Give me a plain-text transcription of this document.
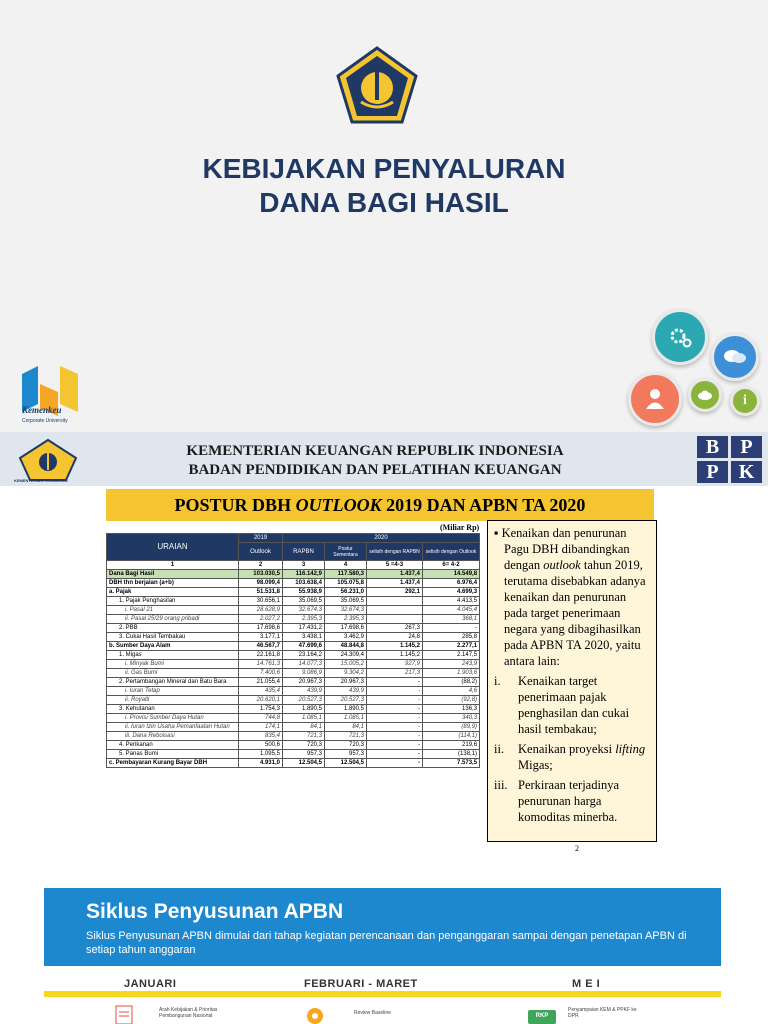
KEBIJAKAN PENYALURAN
DANA BAGI HASIL
Kemenkeu
Corporate University
i
KEMENTERIAN KEUANGAN
KEMENTERIAN KEUANGAN REPUBLIK INDONESIA
BADAN PENDIDIKAN DAN PELATIHAN KEUANGAN
B	P
P	K
POSTUR DBH OUTLOOK 2019 DAN APBN TA 2020
(Miliar Rp)
URAIAN	2019	2020			
	Outlook	RAPBN	Postur Sementara	selisih dengan RAPBN	selisih dengan Outlook
1	2	3	4	5 =4-3	6= 4-2
Dana Bagi Hasil	103.030,5	116.142,9	117.580,3	1.437,4	14.549,8
DBH thn berjalan (a+b)	98.099,4	103.638,4	105.075,8	1.437,4	6.976,4
a. Pajak	51.531,8	55.938,9	56.231,0	292,1	4.699,3
1. Pajak Penghasilan	30.656,1	35.069,5	35.069,5		4.413,5
i. Pasal 21	28.628,9	32.674,3	32.674,3		4.045,4
ii. Pasal 25/29 orang pribadi	2.027,2	2.395,3	2.395,3		368,1
2. PBB	17.698,6	17.431,2	17.698,6	267,3	-
3. Cukai Hasil Tembakau	3.177,1	3.438,1	3.462,9	24,8	285,8
b. Sumber Daya Alam	46.567,7	47.699,6	48.844,8	1.145,2	2.277,1
1. Migas	22.161,8	23.164,2	24.309,4	1.145,2	2.147,5
i. Minyak Bumi	14.761,3	14.077,3	15.005,2	927,9	243,9
ii. Gas Bumi	7.400,6	9.086,9	9.304,2	217,3	1.903,6
2. Pertambangan Mineral dan Batu Bara	21.055,4	20.967,3	20.967,3	-	(88,2)
i. Iuran Tetap	435,4	439,9	439,9	-	4,6
ii. Royalti	20.620,1	20.527,3	20.527,3	-	(92,8)
3. Kehutanan	1.754,3	1.890,5	1.890,5	-	136,3
i. Provisi Sumber Daya Hutan	744,8	1.085,1	1.085,1	-	340,3
ii. Iuran Izin Usaha Pemanfaatan Hutan	174,1	84,1	84,1	-	(89,9)
iii. Dana Reboisasi	835,4	721,3	721,3	-	(114,1)
4. Perikanan	500,6	720,3	720,3	-	219,6
5. Panas Bumi	1.095,5	957,3	957,3	-	(138,1)
c. Pembayaran Kurang Bayar DBH	4.931,0	12.504,5	12.504,5	-	7.573,5
▪ Kenaikan dan penurunan Pagu DBH dibandingkan dengan outlook tahun 2019, terutama disebabkan adanya kenaikan dan penurunan pada target penerimaan negara yang dibagihasilkan pada APBN TA 2020, yaitu antara lain:
i.	Kenaikan target penerimaan pajak penghasilan dan cukai hasil tembakau;
ii.	Kenaikan proyeksi lifting Migas;
iii. Perkiraan terjadinya penurunan harga komoditas minerba.
2
Siklus Penyusunan APBN
Siklus Penyusunan APBN dimulai dari tahap kegiatan perencanaan dan penganggaran sampai dengan penetapan APBN di setiap tahun anggaran
JANUARI	FEBRUARI - MARET	M E I
Arah Kebijakan & Prioritas Pembangunan Nasional	Review Baseline	Penyampaian KEM & PPKF ke DPR
RKP
